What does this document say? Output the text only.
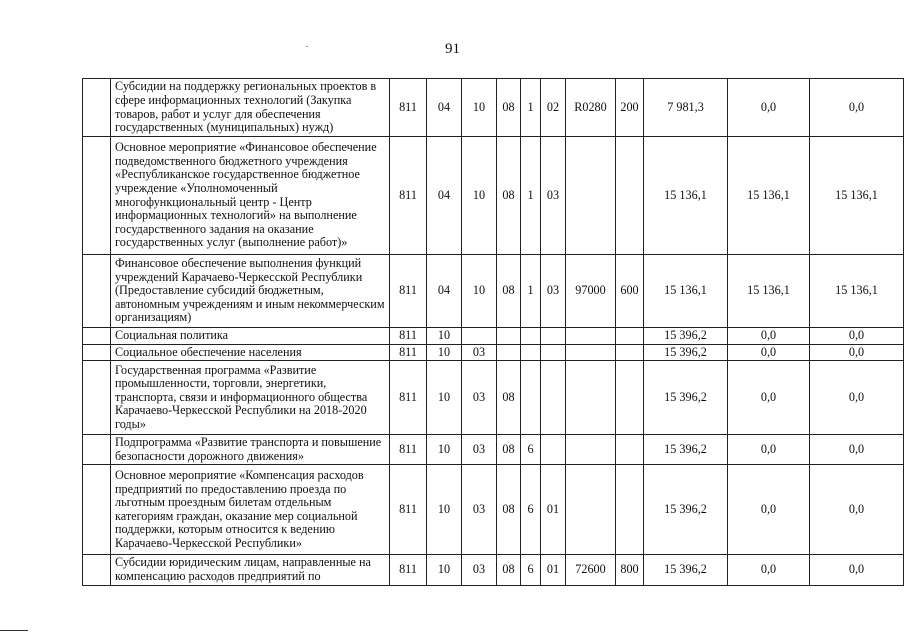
91
	Субсидии на поддержку региональных проектов в сфере информационных технологий (Закупка товаров, работ и услуг для обеспечения государственных (муниципальных) нужд)	811	04	10	08	1	02	R0280	200	7 981,3	0,0	0,0
	Основное мероприятие «Финансовое обеспечение подведомственного бюджетного учреждения «Республиканское государственное бюджетное учреждение «Уполномоченный многофункциональный центр - Центр информационных технологий» на выполнение государственного задания на оказание государственных услуг (выполнение работ)»	811	04	10	08	1	03			15 136,1	15 136,1	15 136,1
	Финансовое обеспечение выполнения функций учреждений Карачаево-Черкесской Республики (Предоставление субсидий бюджетным, автономным учреждениям и иным некоммерческим организациям)	811	04	10	08	1	03	97000	600	15 136,1	15 136,1	15 136,1
	Социальная политика	811	10							15 396,2	0,0	0,0
	Социальное обеспечение населения	811	10	03						15 396,2	0,0	0,0
	Государственная программа «Развитие промышленности, торговли, энергетики, транспорта, связи и информационного общества Карачаево-Черкесской Республики на 2018-2020 годы»	811	10	03	08					15 396,2	0,0	0,0
	Подпрограмма «Развитие транспорта и повышение безопасности дорожного движения»	811	10	03	08	6				15 396,2	0,0	0,0
	Основное мероприятие «Компенсация расходов предприятий по предоставлению проезда по льготным проездным билетам отдельным категориям граждан, оказание мер социальной поддержки, которым относится к ведению Карачаево-Черкесской Республики»	811	10	03	08	6	01			15 396,2	0,0	0,0
	Субсидии юридическим лицам, направленные на компенсацию расходов предприятий по	811	10	03	08	6	01	72600	800	15 396,2	0,0	0,0
